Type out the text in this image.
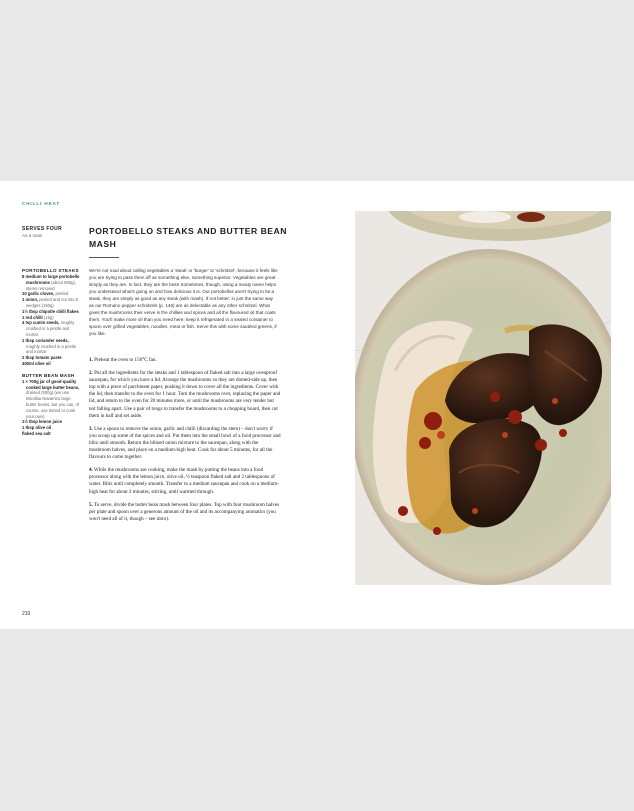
CHILLI HEAT
SERVES FOUR
As a main
PORTOBELLO STEAKS
8 medium to large portobello mushrooms (about 650g), stems removed
10 garlic cloves, peeled
1 onion, peeled and cut into 6 wedges (150g)
1½ tbsp chipotle chilli flakes
1 red chilli (15g)
4 tsp cumin seeds, roughly crushed in a pestle and mortar
1 tbsp coriander seeds, roughly crushed in a pestle and mortar
2 tbsp tomato paste
400ml olive oil
BUTTER BEAN MASH
1 × 700g jar of good-quality cooked large butter beans, drained (500g) (we use Brindisa Navarrico large butter beans, but you can, of course, use tinned or cook your own)
1½ tbsp lemon juice
1 tbsp olive oil
flaked sea salt
PORTOBELLO STEAKS AND BUTTER BEAN MASH

We're not mad about calling vegetables a 'steak' or 'burger' or 'schnitzel', because it feels like you are trying to pass them off as something else, something superior. Vegetables are great simply as they are. In fact, they are the best! Sometimes, though, using a meaty name helps you understand what's going on and how delicious it is. Our portobellos aren't trying to be a steak, they are simply as good as any steak (with mash). If not better; in just the same way as our Romano pepper schnitzels (p. 146) are as delectable as any other schnitzel. What gives the mushrooms their verve is the chillies and spices and all the flavoured oil that coats them. You'll make more oil than you need here; keep it refrigerated in a sealed container to spoon over grilled vegetables, noodles, meat or fish. Serve this with some sautéed greens, if you like.

1. Preheat the oven to 150°C fan.

2. Put all the ingredients for the steaks and 1 tablespoon of flaked salt into a large ovenproof saucepan, for which you have a lid. Arrange the mushrooms so they are domed-side up, then top with a piece of parchment paper, pushing it down to cover all the ingredients. Cover with the lid, then transfer to the oven for 1 hour. Turn the mushrooms over, replacing the paper and lid, and return to the oven for 20 minutes more, or until the mushrooms are very tender but not falling apart. Use a pair of tongs to transfer the mushrooms to a chopping board, then cut them in half and set aside.

3. Use a spoon to remove the onion, garlic and chilli (discarding the stem) – don't worry if you scoop up some of the spices and oil. Put them into the small bowl of a food processor and blitz until smooth. Return the blitzed onion mixture to the saucepan, along with the mushroom halves, and place on a medium-high heat. Cook for about 5 minutes, for all the flavours to come together.

4. While the mushrooms are cooking, make the mash by putting the beans into a food processor along with the lemon juice, olive oil, ½ teaspoon flaked salt and 2 tablespoons of water. Blitz until completely smooth. Transfer to a medium saucepan and cook on a medium-high heat for about 3 minutes, stirring, until warmed through.

5. To serve, divide the butter bean mash between four plates. Top with four mushroom halves per plate and spoon over a generous amount of the oil and its accompanying aromatics (you won't need all of it, though – see intro).

210
